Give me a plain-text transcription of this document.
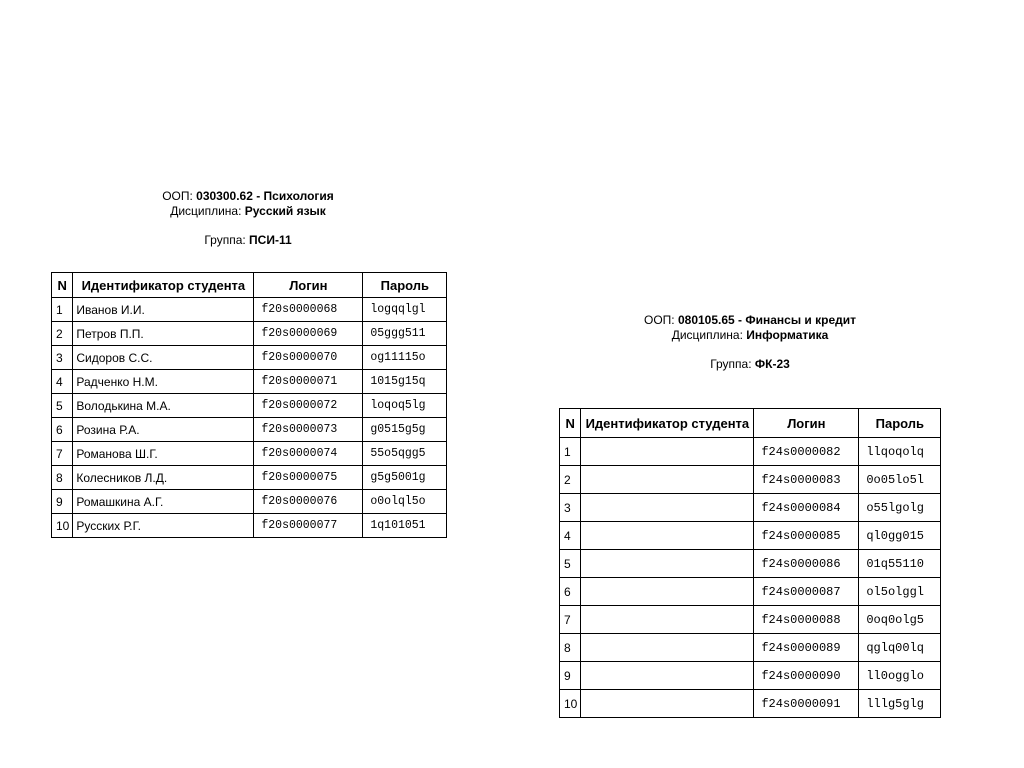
ООП: 030300.62 - Психология
Дисциплина: Русский язык
Группа: ПСИ-11
N	Идентификатор студента	Логин	Пароль
1	Иванов И.И.	f20s0000068	logqqlgl
2	Петров П.П.	f20s0000069	05ggg511
3	Сидоров С.С.	f20s0000070	og11115o
4	Радченко Н.М.	f20s0000071	1015g15q
5	Володькина М.А.	f20s0000072	loqoq5lg
6	Розина Р.А.	f20s0000073	g0515g5g
7	Романова Ш.Г.	f20s0000074	55o5qgg5
8	Колесников Л.Д.	f20s0000075	g5g5001g
9	Ромашкина А.Г.	f20s0000076	o0olql5o
10	Русских Р.Г.	f20s0000077	1q101051
ООП: 080105.65 - Финансы и кредит
Дисциплина: Информатика
Группа: ФК-23
N	Идентификатор студента	Логин	Пароль
1		f24s0000082	llqoqolq
2		f24s0000083	0o05lo5l
3		f24s0000084	o55lgolg
4		f24s0000085	ql0gg015
5		f24s0000086	01q55110
6		f24s0000087	ol5olggl
7		f24s0000088	0oq0olg5
8		f24s0000089	qglq00lq
9		f24s0000090	ll0ogglo
10		f24s0000091	lllg5glg
